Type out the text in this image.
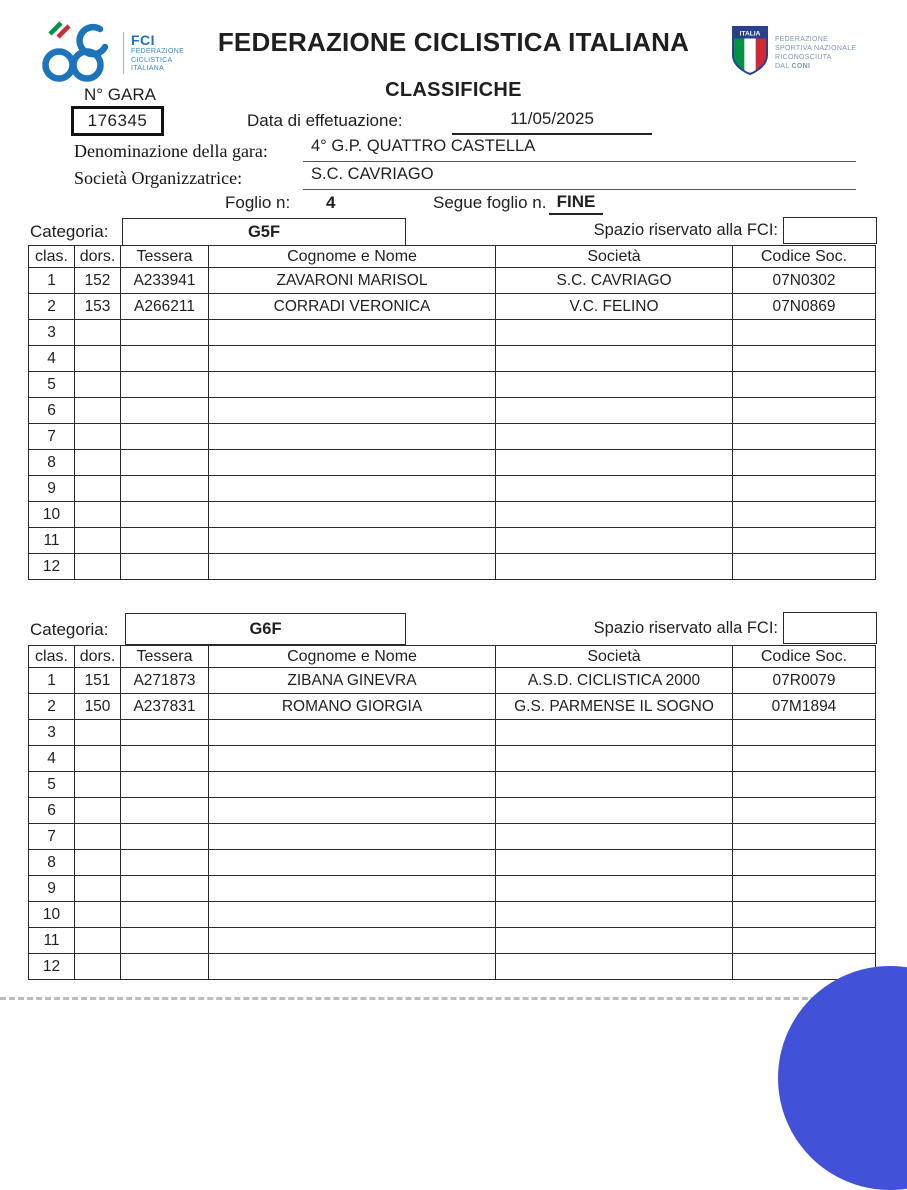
FCI
FEDERAZIONE
CICLISTICA
ITALIANA
FEDERAZIONE CICLISTICA ITALIANA
CLASSIFICHE
ITALIA
FEDERAZIONE
SPORTIVA NAZIONALE
RICONOSCIUTA
DAL CONI
N° GARA
176345	Data di effetuazione:	11/05/2025
Denominazione della gara:	4° G.P. QUATTRO CASTELLA
Società Organizzatrice:	S.C. CAVRIAGO
Foglio n: 4	Segue foglio n. FINE
Categoria:	G5F	Spazio riservato alla FCI:
clas.	dors.	Tessera	Cognome e Nome	Società	Codice Soc.
1	152	A233941	ZAVARONI MARISOL	S.C. CAVRIAGO	07N0302
2	153	A266211	CORRADI VERONICA	V.C. FELINO	07N0869
3					
4					
5					
6					
7					
8					
9					
10					
11					
12					
Categoria:	G6F	Spazio riservato alla FCI:
clas.	dors.	Tessera	Cognome e Nome	Società	Codice Soc.
1	151	A271873	ZIBANA GINEVRA	A.S.D. CICLISTICA 2000	07R0079
2	150	A237831	ROMANO GIORGIA	G.S. PARMENSE IL SOGNO	07M1894
3					
4					
5					
6					
7					
8					
9					
10					
11					
12					
